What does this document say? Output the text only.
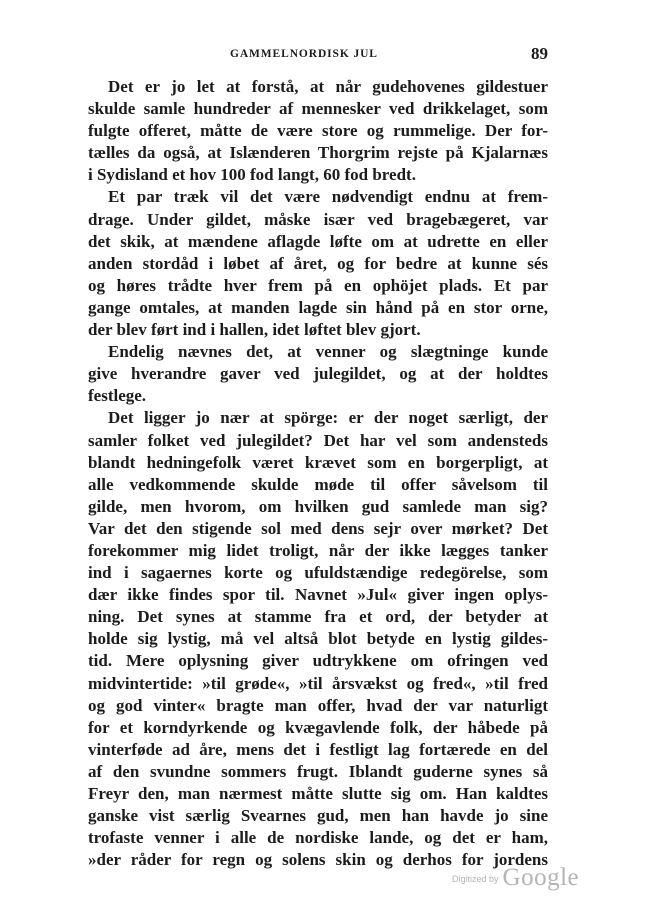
GAMMELNORDISK JUL	89
Det er jo let at forstå, at når gudehovenes gildestuer
skulde samle hundreder af mennesker ved drikkelaget, som
fulgte offeret, måtte de være store og rummelige. Der for-
tælles da også, at Islænderen Thorgrim rejste på Kjalarnæs
i Sydisland et hov 100 fod langt, 60 fod bredt.
Et par træk vil det være nødvendigt endnu at frem-
drage. Under gildet, måske især ved bragebægeret, var
det skik, at mændene aflagde løfte om at udrette en eller
anden stordåd i løbet af året, og for bedre at kunne sés
og høres trådte hver frem på en ophöjet plads. Et par
gange omtales, at manden lagde sin hånd på en stor orne,
der blev ført ind i hallen, idet løftet blev gjort.
Endelig nævnes det, at venner og slægtninge kunde
give hverandre gaver ved julegildet, og at der holdtes
festlege.
Det ligger jo nær at spörge: er der noget særligt, der
samler folket ved julegildet? Det har vel som andensteds
blandt hedningefolk været krævet som en borgerpligt, at
alle vedkommende skulde møde til offer såvelsom til
gilde, men hvorom, om hvilken gud samlede man sig?
Var det den stigende sol med dens sejr over mørket? Det
forekommer mig lidet troligt, når der ikke lægges tanker
ind i sagaernes korte og ufuldstændige redegörelse, som
dær ikke findes spor til. Navnet »Jul« giver ingen oplys-
ning. Det synes at stamme fra et ord, der betyder at
holde sig lystig, må vel altså blot betyde en lystig gildes-
tid. Mere oplysning giver udtrykkene om ofringen ved
midvintertide: »til grøde«, »til årsvækst og fred«, »til fred
og god vinter« bragte man offer, hvad der var naturligt
for et korndyrkende og kvægavlende folk, der håbede på
vinterføde ad åre, mens det i festligt lag fortærede en del
af den svundne sommers frugt. Iblandt guderne synes så
Freyr den, man nærmest måtte slutte sig om. Han kaldtes
ganske vist særlig Svearnes gud, men han havde jo sine
trofaste venner i alle de nordiske lande, og det er ham,
»der råder for regn og solens skin og derhos for jordens
Digitized by Google
